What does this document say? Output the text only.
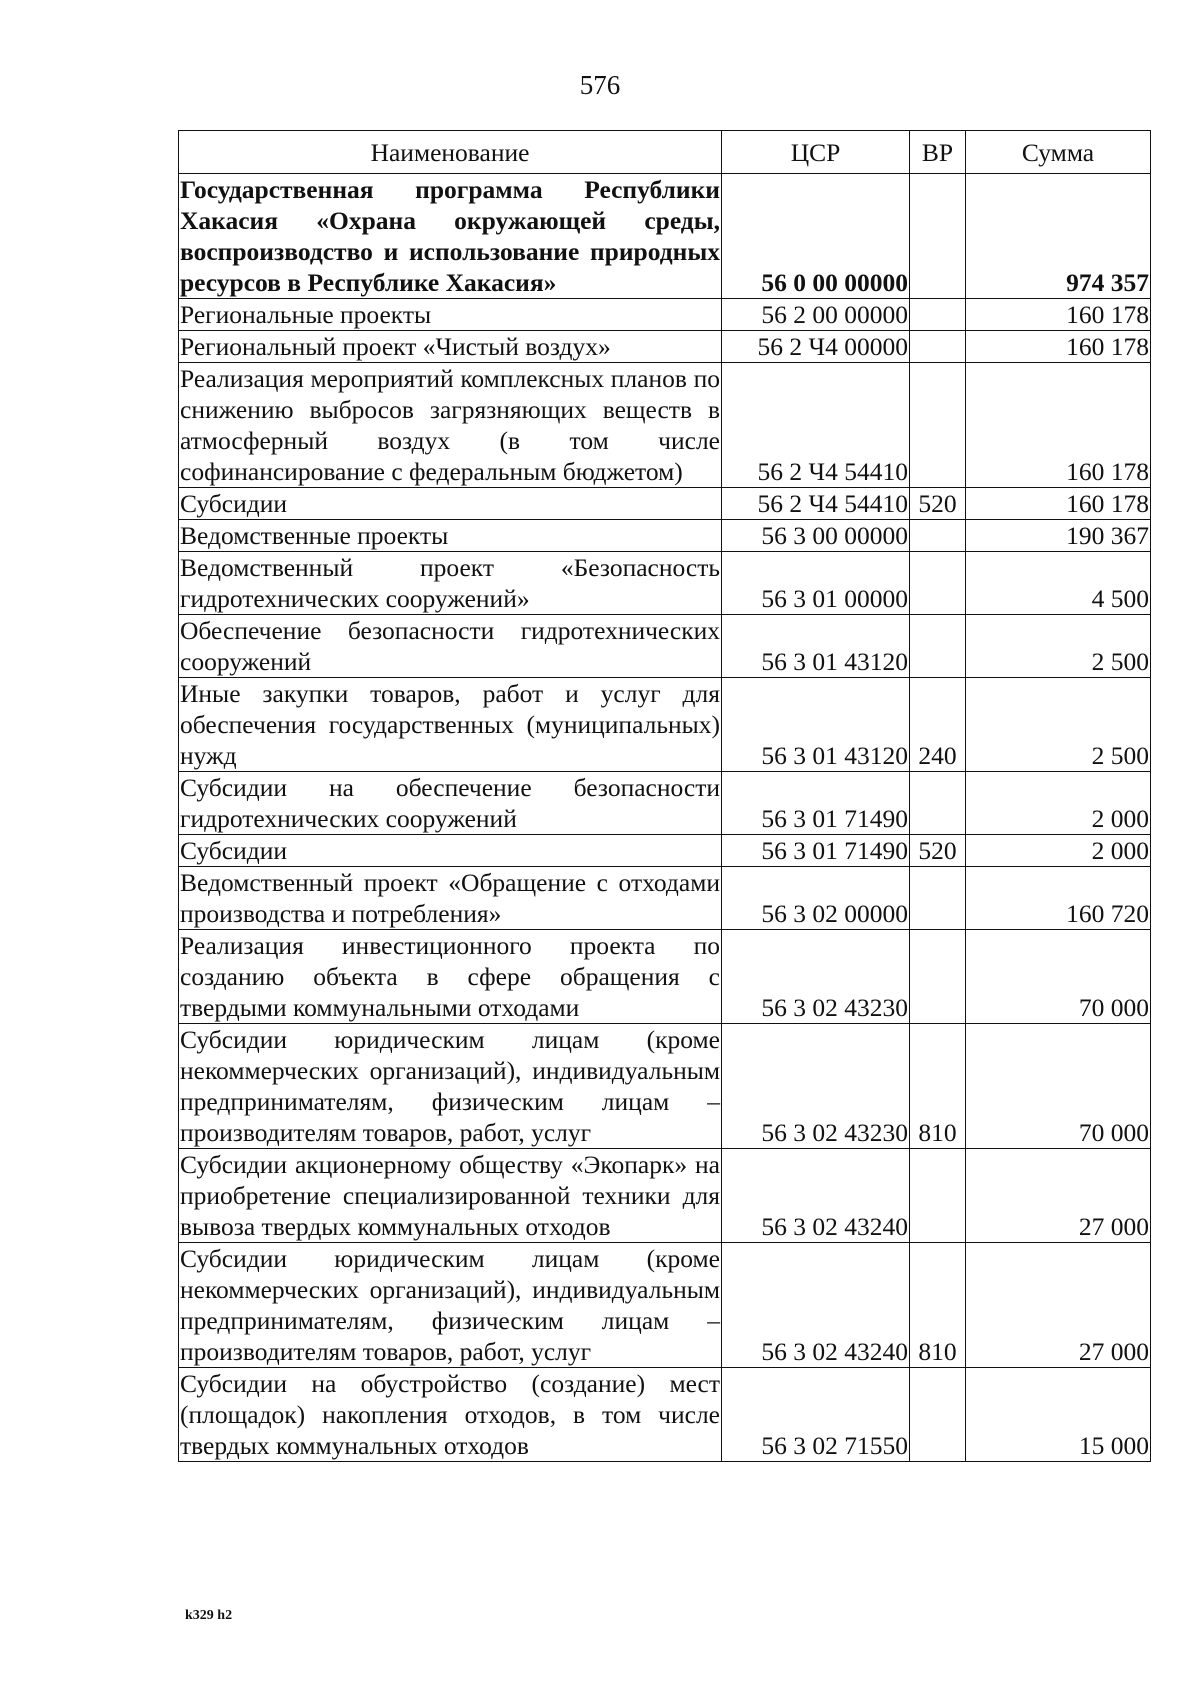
576
Наименование	ЦСР	ВР	Сумма
Государственная программа Республики Хакасия «Охрана окружающей среды, воспроизводство и использование природных ресурсов в Республике Хакасия»	56 0 00 00000		974 357
Региональные проекты	56 2 00 00000		160 178
Региональный проект «Чистый воздух»	56 2 Ч4 00000		160 178
Реализация мероприятий комплексных планов по снижению выбросов загрязняющих веществ в атмосферный воздух (в том числе софинансирование с федеральным бюджетом)	56 2 Ч4 54410		160 178
Субсидии	56 2 Ч4 54410	520	160 178
Ведомственные проекты	56 3 00 00000		190 367
Ведомственный проект «Безопасность гидротехнических сооружений»	56 3 01 00000		4 500
Обеспечение безопасности гидротехнических сооружений	56 3 01 43120		2 500
Иные закупки товаров, работ и услуг для обеспечения государственных (муниципальных) нужд	56 3 01 43120	240	2 500
Субсидии на обеспечение безопасности гидротехнических сооружений	56 3 01 71490		2 000
Субсидии	56 3 01 71490	520	2 000
Ведомственный проект «Обращение с отходами производства и потребления»	56 3 02 00000		160 720
Реализация инвестиционного проекта по созданию объекта в сфере обращения с твердыми коммунальными отходами	56 3 02 43230		70 000
Субсидии юридическим лицам (кроме некоммерческих организаций), индивидуальным предпринимателям, физическим лицам – производителям товаров, работ, услуг	56 3 02 43230	810	70 000
Субсидии акционерному обществу «Экопарк» на приобретение специализированной техники для вывоза твердых коммунальных отходов	56 3 02 43240		27 000
Субсидии юридическим лицам (кроме некоммерческих организаций), индивидуальным предпринимателям, физическим лицам – производителям товаров, работ, услуг	56 3 02 43240	810	27 000
Субсидии на обустройство (создание) мест (площадок) накопления отходов, в том числе твердых коммунальных отходов	56 3 02 71550		15 000
k329 h2
